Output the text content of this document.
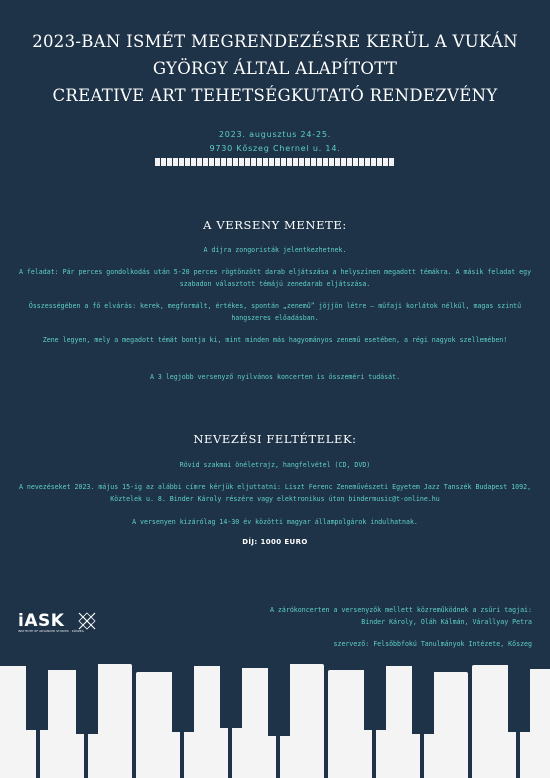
2023-BAN ISMÉT MEGRENDEZÉSRE KERÜL A VUKÁN GYÖRGY ÁLTAL ALAPÍTOTT
CREATIVE ART TEHETSÉGKUTATÓ RENDEZVÉNY
2023. augusztus 24-25.
9730 Kőszeg Chernel u. 14.
A VERSENY MENETE:
A díjra zongoristák jelentkezhetnek.
A feladat: Pár perces gondolkodás után 5-20 perces rögtönzött darab eljátszása a helyszínen megadott témákra. A másik feladat egy szabadon választott témájú zenedarab eljátszása.
Összességében a fő elvárás: kerek, megformált, értékes, spontán „zenemű” jöjjön létre – műfaji korlátok nélkül, magas szintű hangszeres előadásban.
Zene legyen, mely a megadott témát bontja ki, mint minden más hagyományos zenemű esetében, a régi nagyok szellemében!
A 3 legjobb versenyző nyilvános koncerten is összeméri tudását.
NEVEZÉSI FELTÉTELEK:
Rövid szakmai önéletrajz, hangfelvétel (CD, DVD)
A nevezéseket 2023. május 15-ig az alábbi címre kérjük eljuttatni: Liszt Ferenc Zeneművészeti Egyetem Jazz Tanszék Budapest 1092, Köztelek u. 8. Binder Károly részére vagy elektronikus úton bindermusic@t-online.hu
A versenyen kizárólag 14-30 év közötti magyar állampolgárok indulhatnak.
DÍJ: 1000 EURO
iASK
INSTITUTE OF ADVANCED STUDIES · KŐSZEG
A zárókoncerten a versenyzők mellett közreműködnek a zsűri tagjai:
Binder Károly, Oláh Kálmán, Várallyay Petra
szervező: Felsőbbfokú Tanulmányok Intézete, Kőszeg
